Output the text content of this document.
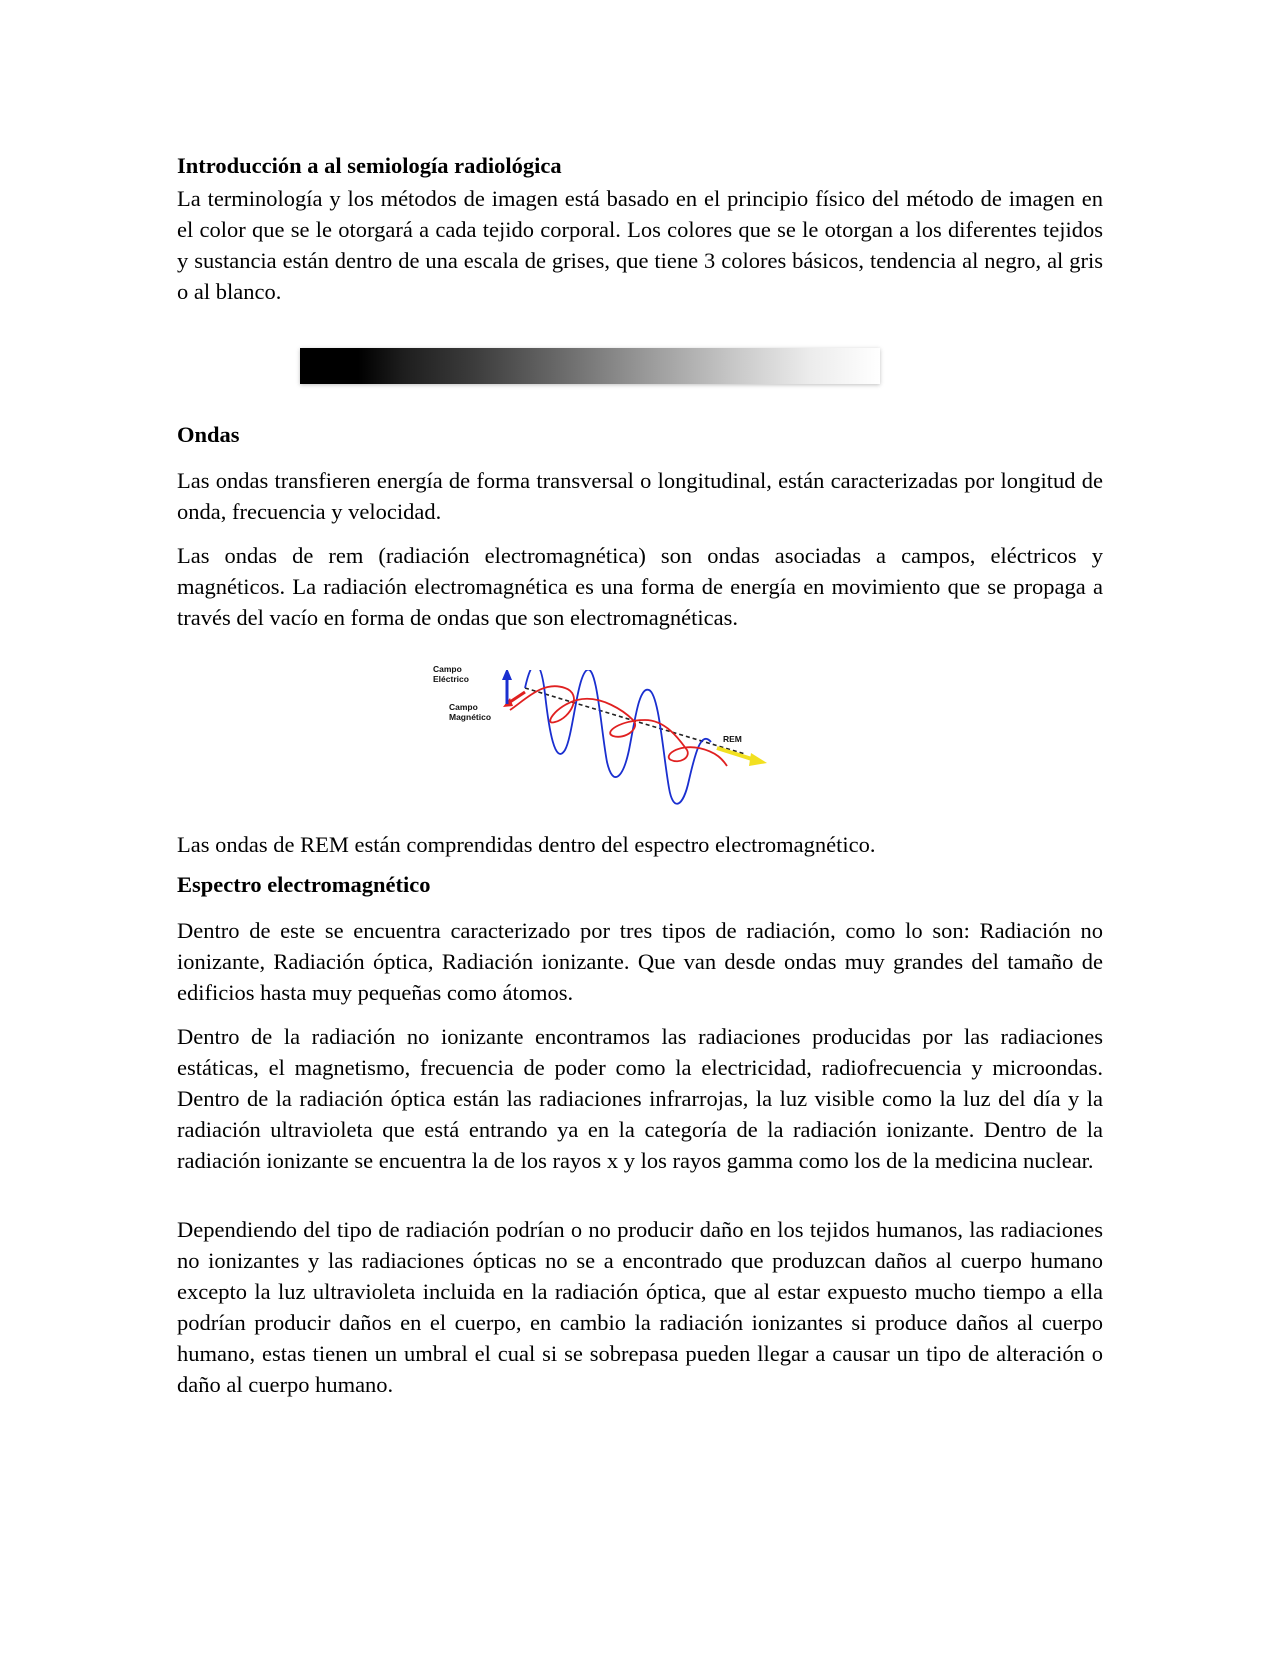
Introducción a al semiología radiológica
La terminología y los métodos de imagen está basado en el principio físico del método de imagen en el color que se le otorgará a cada tejido corporal. Los colores que se le otorgan a los diferentes tejidos y sustancia están dentro de una escala de grises, que tiene 3 colores básicos, tendencia al negro, al gris o al blanco.
Ondas
Las ondas transfieren energía de forma transversal o longitudinal, están caracterizadas por longitud de onda, frecuencia y velocidad.
Las ondas de rem (radiación electromagnética) son ondas asociadas a campos, eléctricos y magnéticos. La radiación electromagnética es una forma de energía en movimiento que se propaga a través del vacío en forma de ondas que son electromagnéticas.
Las ondas de REM están comprendidas dentro del espectro electromagnético.
Espectro electromagnético
Dentro de este se encuentra caracterizado por tres tipos de radiación, como lo son: Radiación no ionizante, Radiación óptica, Radiación ionizante. Que van desde ondas muy grandes del tamaño de edificios hasta muy pequeñas como átomos.
Dentro de la radiación no ionizante encontramos las radiaciones producidas por las radiaciones estáticas, el magnetismo, frecuencia de poder como la electricidad, radiofrecuencia y microondas. Dentro de la radiación óptica están las radiaciones infrarrojas, la luz visible como la luz del día y la radiación ultravioleta que está entrando ya en la categoría de la radiación ionizante. Dentro de la radiación ionizante se encuentra la de los rayos x y los rayos gamma como los de la medicina nuclear.
Dependiendo del tipo de radiación podrían o no producir daño en los tejidos humanos, las radiaciones no ionizantes y las radiaciones ópticas no se a encontrado que produzcan daños al cuerpo humano excepto la luz ultravioleta incluida en la radiación óptica, que al estar expuesto mucho tiempo a ella podrían producir daños en el cuerpo, en cambio la radiación ionizantes si produce daños al cuerpo humano, estas tienen un umbral el cual si se sobrepasa pueden llegar a causar un tipo de alteración o daño al cuerpo humano.
Campo
Eléctrico
Campo
Magnético
REM
